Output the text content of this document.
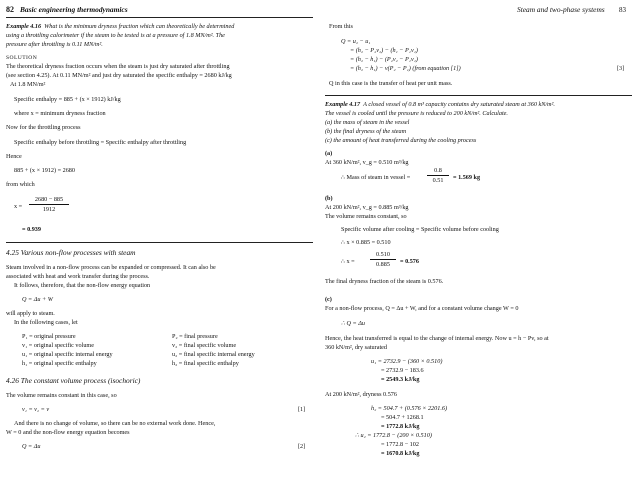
82 Basic engineering thermodynamics
Example 4.16 What is the minimum dryness fraction which can theoretically be determined
using a throttling calorimeter if the steam to be tested is at a pressure of 1.8 MN/m². The
pressure after throttling is 0.11 MN/m².
SOLUTION
The theoretical dryness fraction occurs when the steam is just dry saturated after throttling
(see section 4.25). At 0.11 MN/m² and just dry saturated the specific enthalpy = 2680 kJ/kg
At 1.8 MN/m²
Specific enthalpy = 885 + (x × 1912) kJ/kg
where x = minimum dryness fraction
Now for the throttling process
Specific enthalpy before throttling = Specific enthalpy after throttling
Hence
885 + (x × 1912) = 2680
from which
x =
2680 − 885
1912
= 0.939
4.25 Various non-flow processes with steam
Steam involved in a non-flow process can be expanded or compressed. It can also be
associated with heat and work transfer during the process.
It follows, therefore, that the non-flow energy equation
Q = Δu + W
will apply to steam.
In the following cases, let
P₁ = original pressure	P₂ = final pressure
v₁ = original specific volume	v₂ = final specific volume
u₁ = original specific internal energy	u₂ = final specific internal energy
h₁ = original specific enthalpy	h₂ = final specific enthalpy
4.26 The constant volume process (isochoric)
The volume remains constant in this case, so
v₁ = v₂ = v	[1]
And there is no change of volume, so there can be no external work done. Hence,
W = 0 and the non-flow energy equation becomes
Q = Δu	[2]
Steam and two-phase systems 83
From this
Q = u₂ − u₁
= (h₂ − P₂v₂) − (h₁ − P₁v₁)
= (h₂ − h₁) − (P₂v₂ − P₁v₁)
= (h₂ − h₁) − v(P₂ − P₁) (from equation [1])	[3]
Q in this case is the transfer of heat per unit mass.
Example 4.17 A closed vessel of 0.8 m³ capacity contains dry saturated steam at 360 kN/m².
The vessel is cooled until the pressure is reduced to 200 kN/m². Calculate.
(a) the mass of steam in the vessel
(b) the final dryness of the steam
(c) the amount of heat transferred during the cooling process
(a)
At 360 kN/m², v_g = 0.510 m³/kg
∴ Mass of steam in vessel =
0.8
0.51	= 1.569 kg
(b)
At 200 kN/m², v_g = 0.885 m³/kg
The volume remains constant, so
Specific volume after cooling = Specific volume before cooling
∴ x × 0.885 = 0.510
∴ x =
0.510
0.885	= 0.576
The final dryness fraction of the steam is 0.576.
(c)
For a non-flow process, Q = Δu + W, and for a constant volume change W = 0
∴ Q = Δu
Hence, the heat transferred is equal to the change of internal energy. Now u = h − Pv, so at
360 kN/m², dry saturated
u₁ = 2732.9 − (360 × 0.510)
= 2732.9 − 183.6
= 2549.3 kJ/kg
At 200 kN/m², dryness 0.576
h₂ = 504.7 + (0.576 × 2201.6)
= 504.7 + 1268.1
= 1772.8 kJ/kg
∴ u₂ = 1772.8 − (200 × 0.510)
= 1772.8 − 102
= 1670.8 kJ/kg
